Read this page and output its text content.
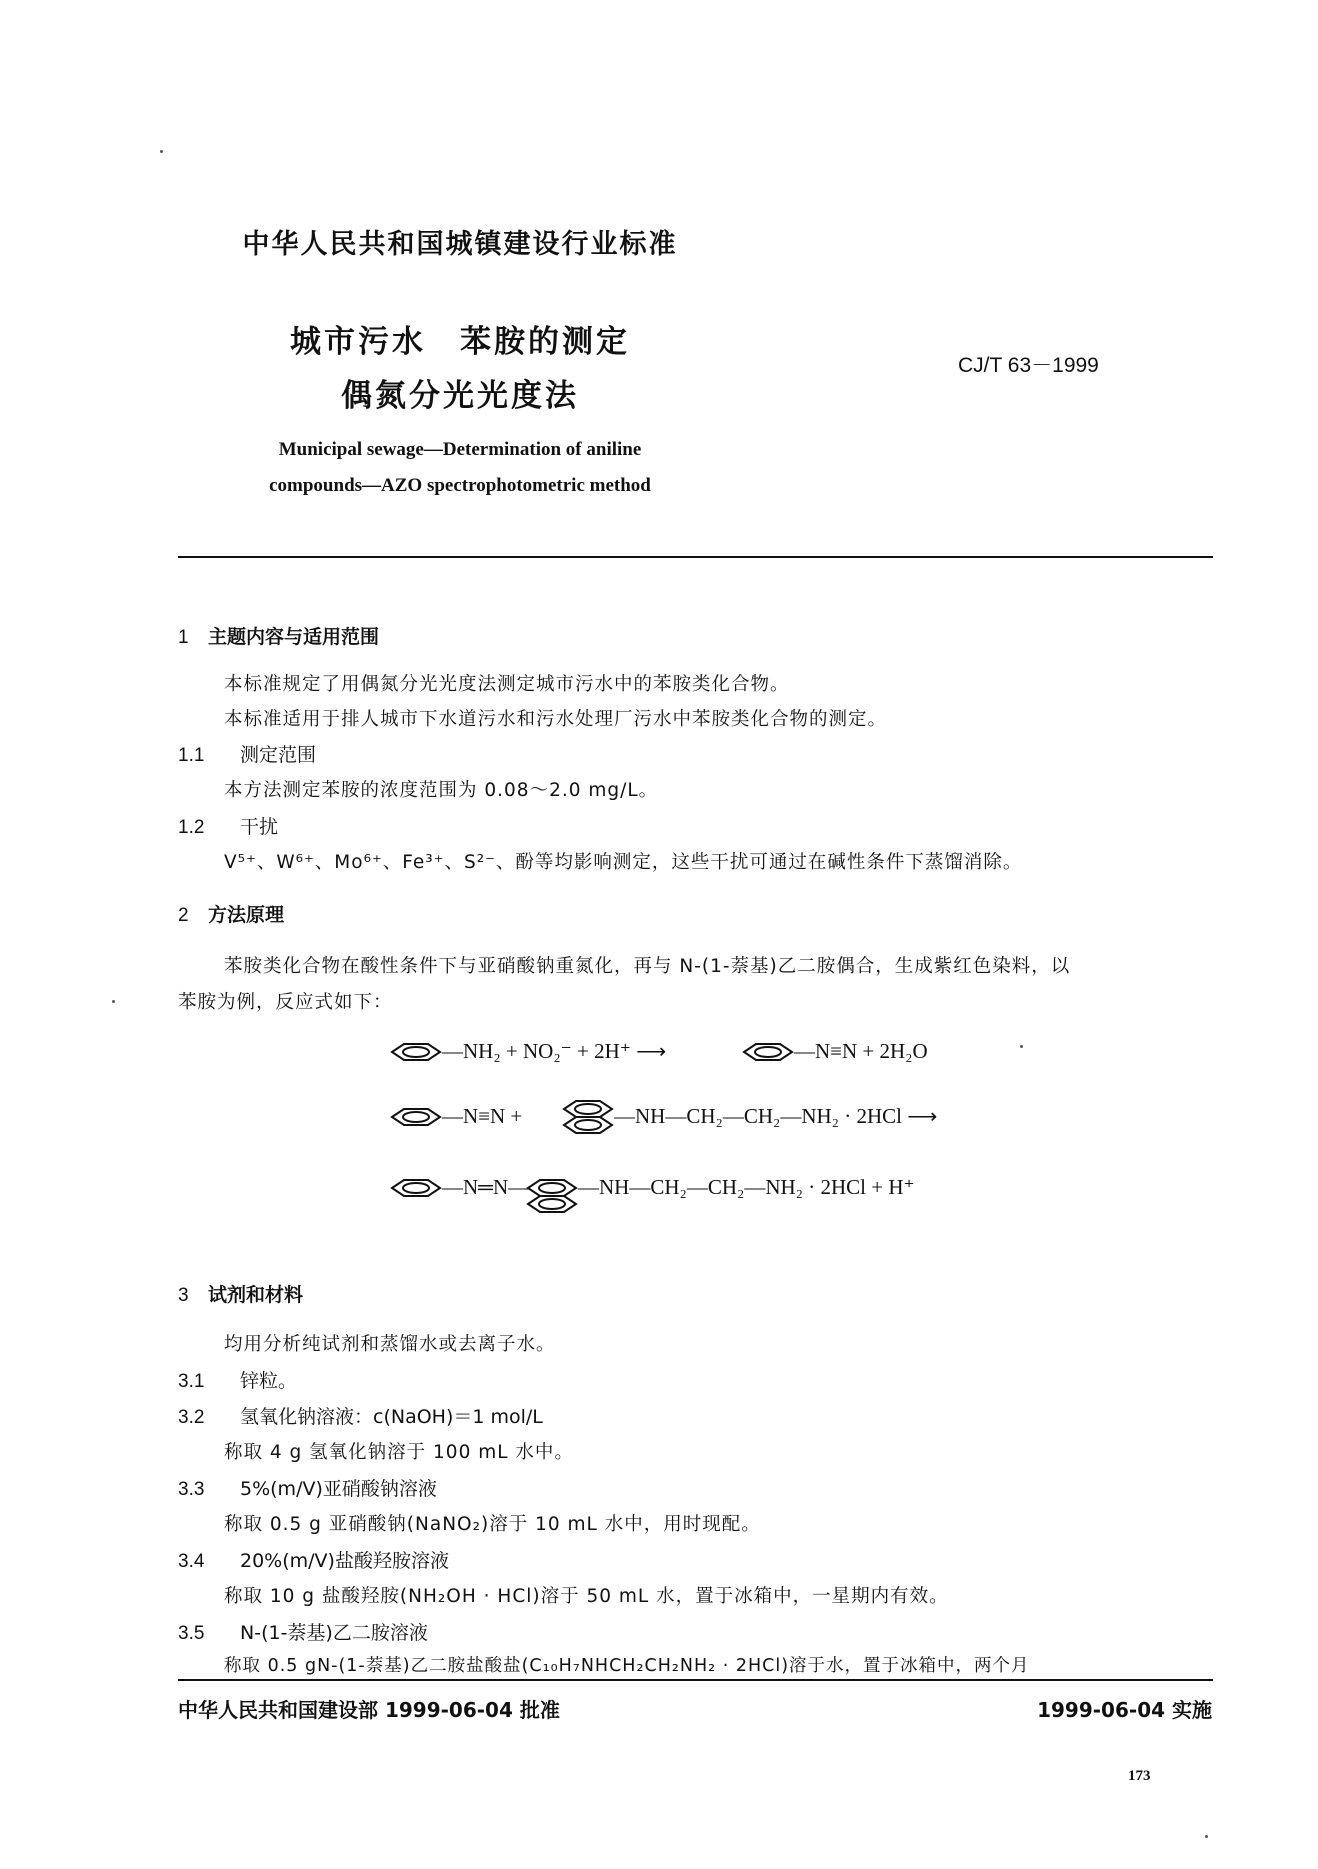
中华人民共和国城镇建设行业标准
城市污水　苯胺的测定
偶氮分光光度法
CJ/T 63－1999
Municipal sewage—Determination of aniline
compounds—AZO spectrophotometric method
1 主题内容与适用范围
本标准规定了用偶氮分光光度法测定城市污水中的苯胺类化合物。
本标准适用于排人城市下水道污水和污水处理厂污水中苯胺类化合物的测定。
1.1 测定范围
本方法测定苯胺的浓度范围为 0.08～2.0 mg/L。
1.2 干扰
V⁵⁺、W⁶⁺、Mo⁶⁺、Fe³⁺、S²⁻、酚等均影响测定，这些干扰可通过在碱性条件下蒸馏消除。
2 方法原理
苯胺类化合物在酸性条件下与亚硝酸钠重氮化，再与 N-(1-萘基)乙二胺偶合，生成紫红色染料，以
苯胺为例，反应式如下：
—NH₂ + NO₂⁻ + 2H⁺ ⟶	—N≡N + 2H₂O
—N≡N +	—NH—CH₂—CH₂—NH₂ · 2HCl ⟶
—N═N— —NH—CH₂—CH₂—NH₂ · 2HCl + H⁺
3 试剂和材料
均用分析纯试剂和蒸馏水或去离子水。
3.1 锌粒。
3.2 氢氧化钠溶液：c(NaOH)＝1 mol/L
称取 4 g 氢氧化钠溶于 100 mL 水中。
3.3 5%(m/V)亚硝酸钠溶液
称取 0.5 g 亚硝酸钠(NaNO₂)溶于 10 mL 水中，用时现配。
3.4 20%(m/V)盐酸羟胺溶液
称取 10 g 盐酸羟胺(NH₂OH · HCl)溶于 50 mL 水，置于冰箱中，一星期内有效。
3.5 N-(1-萘基)乙二胺溶液
称取 0.5 gN-(1-萘基)乙二胺盐酸盐(C₁₀H₇NHCH₂CH₂NH₂ · 2HCl)溶于水，置于冰箱中，两个月
中华人民共和国建设部 1999-06-04 批准	1999-06-04 实施
173
